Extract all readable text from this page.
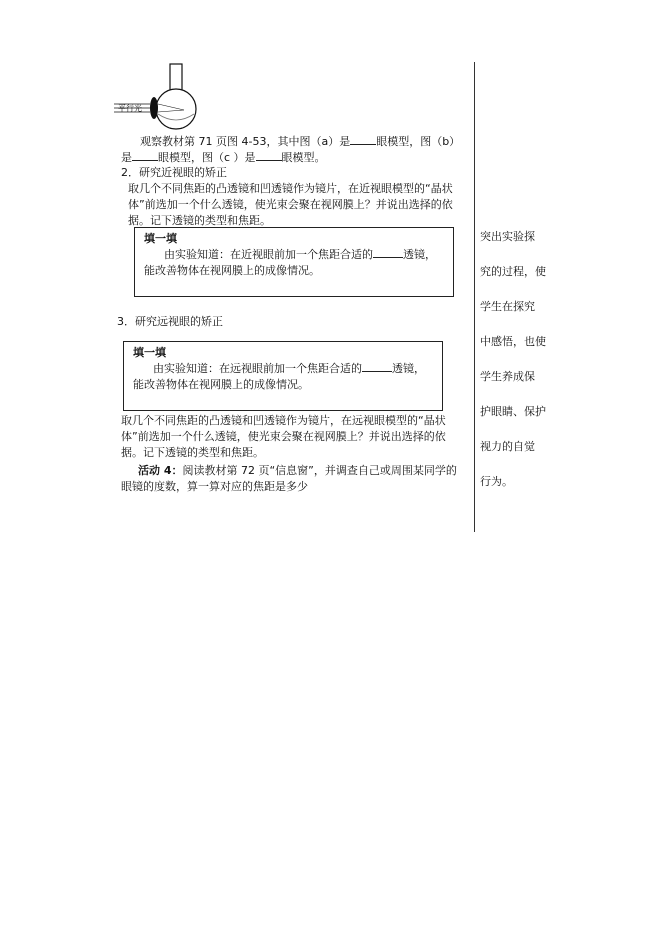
平行光
观察教材第 71 页图 4-53，其中图（a）是 眼模型，图（b）
是 眼模型，图（c ）是 眼模型。
2．研究近视眼的矫正
取几个不同焦距的凸透镜和凹透镜作为镜片，在近视眼模型的“晶状
体”前选加一个什么透镜，使光束会聚在视网膜上？并说出选择的依
据。记下透镜的类型和焦距。
填一填
由实验知道：在近视眼前加一个焦距合适的	透镜，
能改善物体在视网膜上的成像情况。
3．研究远视眼的矫正
填一填
由实验知道：在远视眼前加一个焦距合适的	透镜，
能改善物体在视网膜上的成像情况。
取几个不同焦距的凸透镜和凹透镜作为镜片，在远视眼模型的“晶状
体”前选加一个什么透镜，使光束会聚在视网膜上？并说出选择的依
据。记下透镜的类型和焦距。
活动 4：阅读教材第 72 页“信息窗”，并调查自己或周围某同学的
眼镜的度数，算一算对应的焦距是多少
突出实验探
究的过程，使
学生在探究
中感悟，也使
学生养成保
护眼睛、保护
视力的自觉
行为。
